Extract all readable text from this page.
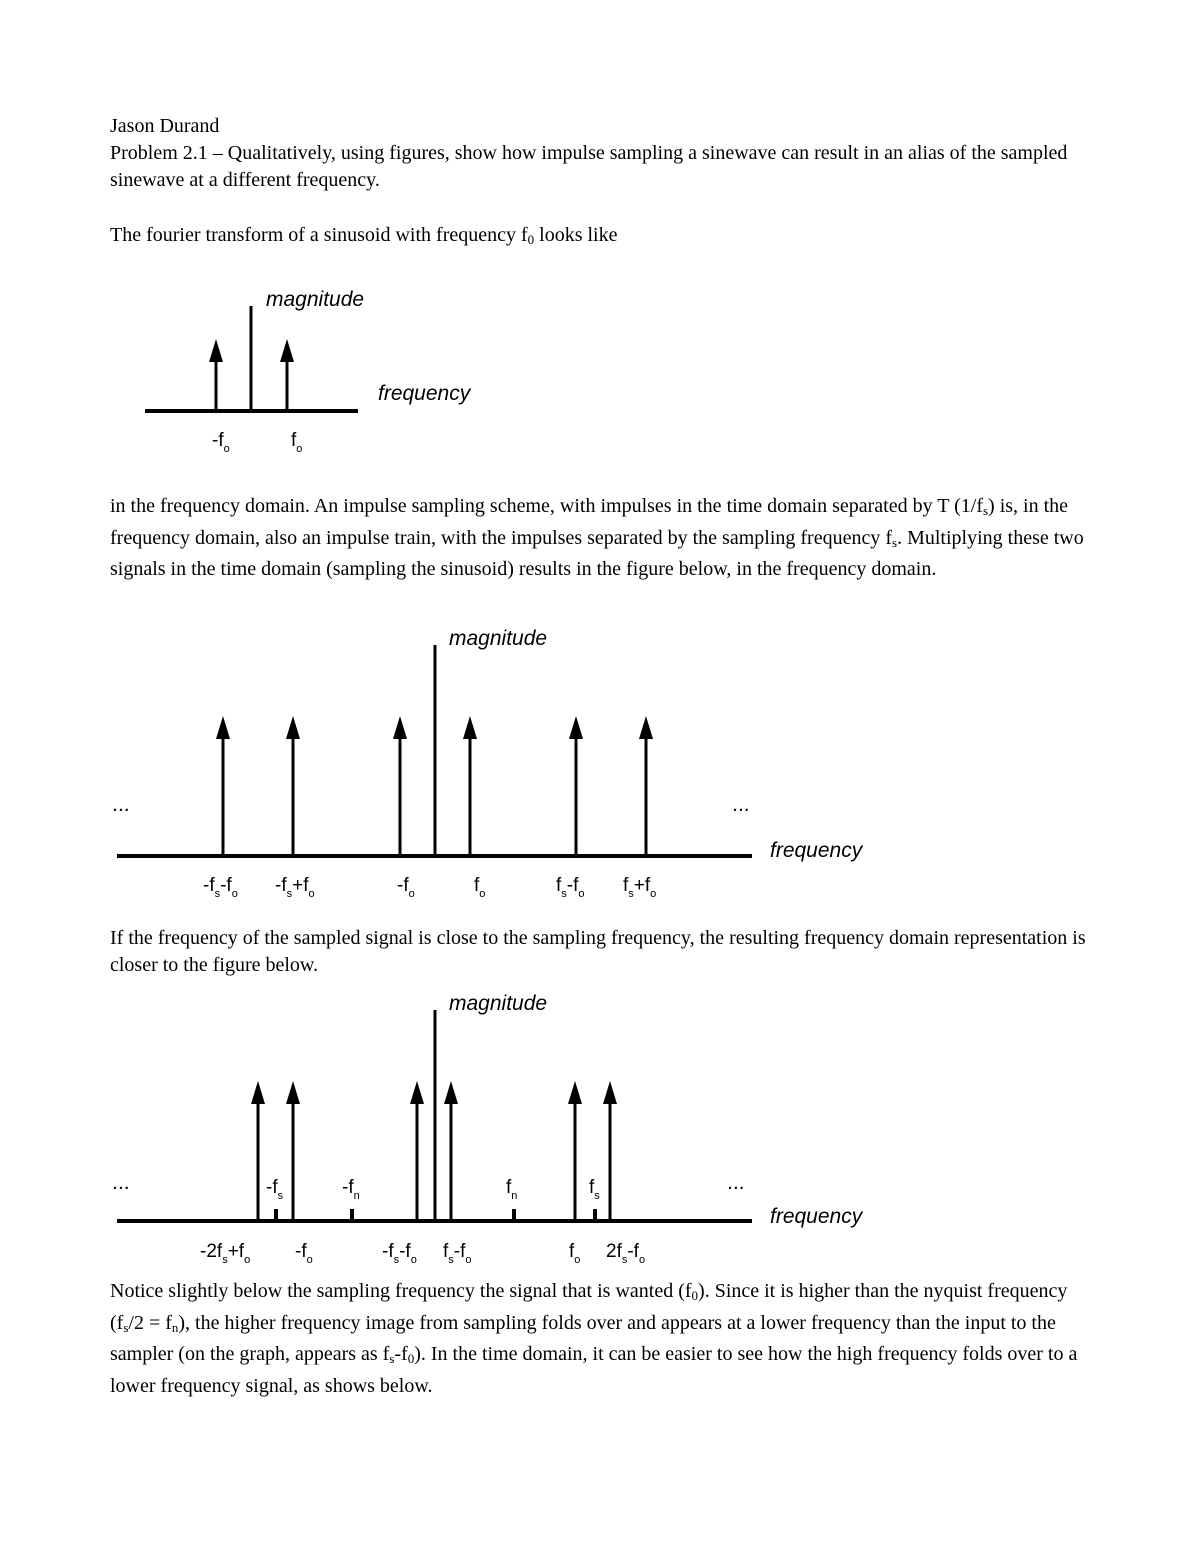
Jason Durand

Problem 2.1 – Qualitatively, using figures, show how impulse sampling a sinewave can result in an alias of the sampled sinewave at a different frequency.

The fourier transform of a sinusoid with frequency f0 looks like

in the frequency domain. An impulse sampling scheme, with impulses in the time domain separated by T (1/fs) is, in the frequency domain, also an impulse train, with the impulses separated by the sampling frequency fs. Multiplying these two signals in the time domain (sampling the sinusoid) results in the figure below, in the frequency domain.

If the frequency of the sampled signal is close to the sampling frequency, the resulting frequency domain representation is closer to the figure below.

Notice slightly below the sampling frequency the signal that is wanted (f0). Since it is higher than the nyquist frequency (fs/2 = fn), the higher frequency image from sampling folds over and appears at a lower frequency than the input to the sampler (on the graph, appears as fs-f0). In the time domain, it can be easier to see how the high frequency folds over to a lower frequency signal, as shows below.

magnitude
frequency
$-f_o$	$f_o$
magnitude
frequency
...	...
$-f_s-f_o$ $-f_s+f_o$	$-f_o$	$f_o$	$f_s-f_o$ $f_s+f_o$
$-f_s$	$-f_n$	$f_n$	$f_s$
magnitude
frequency
...	...
$-2f_s+f_o$ $-f_o$	$-f_s-f_o$ $f_s-f_o$	$f_o$ $2f_s-f_o$
